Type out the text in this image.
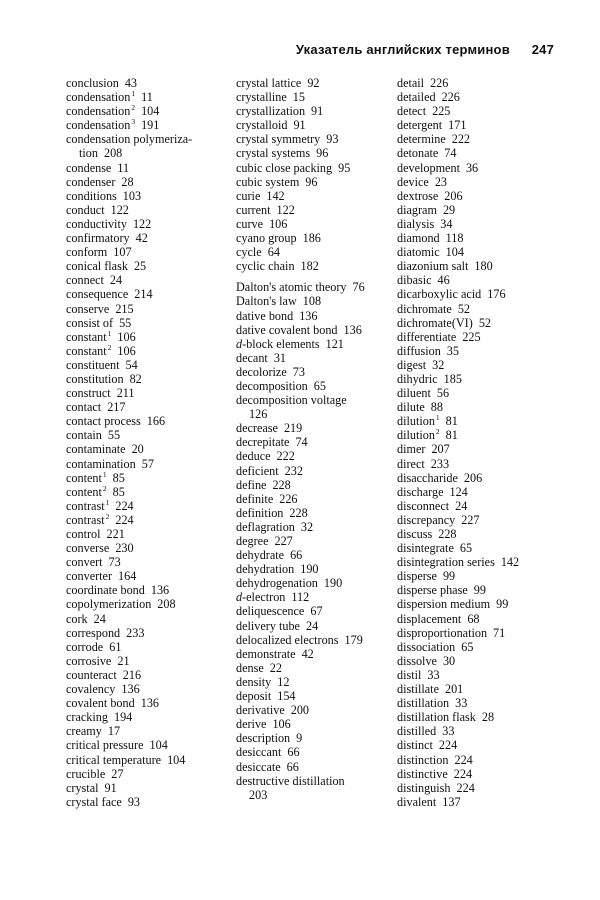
Указатель английских терминов 247
conclusion 43
condensation$^1$ 11
condensation$^2$ 104
condensation$^3$ 191
condensation polymeriza-
tion 208
condense 11
condenser 28
conditions 103
conduct 122
conductivity 122
confirmatory 42
conform 107
conical flask 25
connect 24
consequence 214
conserve 215
consist of 55
constant$^1$ 106
constant$^2$ 106
constituent 54
constitution 82
construct 211
contact 217
contact process 166
contain 55
contaminate 20
contamination 57
content$^1$ 85
content$^2$ 85
contrast$^1$ 224
contrast$^2$ 224
control 221
converse 230
convert 73
converter 164
coordinate bond 136
copolymerization 208
cork 24
correspond 233
corrode 61
corrosive 21
counteract 216
covalency 136
covalent bond 136
cracking 194
creamy 17
critical pressure 104
critical temperature 104
crucible 27
crystal 91
crystal face 93
crystal lattice 92
crystalline 15
crystallization 91
crystalloid 91
crystal symmetry 93
crystal systems 96
cubic close packing 95
cubic system 96
curie 142
current 122
curve 106
cyano group 186
cycle 64
cyclic chain 182
Dalton's atomic theory 76
Dalton's law 108
dative bond 136
dative covalent bond 136
d-block elements 121
decant 31
decolorize 73
decomposition 65
decomposition voltage
126
decrease 219
decrepitate 74
deduce 222
deficient 232
define 228
definite 226
definition 228
deflagration 32
degree 227
dehydrate 66
dehydration 190
dehydrogenation 190
d-electron 112
deliquescence 67
delivery tube 24
delocalized electrons 179
demonstrate 42
dense 22
density 12
deposit 154
derivative 200
derive 106
description 9
desiccant 66
desiccate 66
destructive distillation
203
detail 226
detailed 226
detect 225
detergent 171
determine 222
detonate 74
development 36
device 23
dextrose 206
diagram 29
dialysis 34
diamond 118
diatomic 104
diazonium salt 180
dibasic 46
dicarboxylic acid 176
dichromate 52
dichromate(VI) 52
differentiate 225
diffusion 35
digest 32
dihydric 185
diluent 56
dilute 88
dilution$^1$ 81
dilution$^2$ 81
dimer 207
direct 233
disaccharide 206
discharge 124
disconnect 24
discrepancy 227
discuss 228
disintegrate 65
disintegration series 142
disperse 99
disperse phase 99
dispersion medium 99
displacement 68
disproportionation 71
dissociation 65
dissolve 30
distil 33
distillate 201
distillation 33
distillation flask 28
distilled 33
distinct 224
distinction 224
distinctive 224
distinguish 224
divalent 137
